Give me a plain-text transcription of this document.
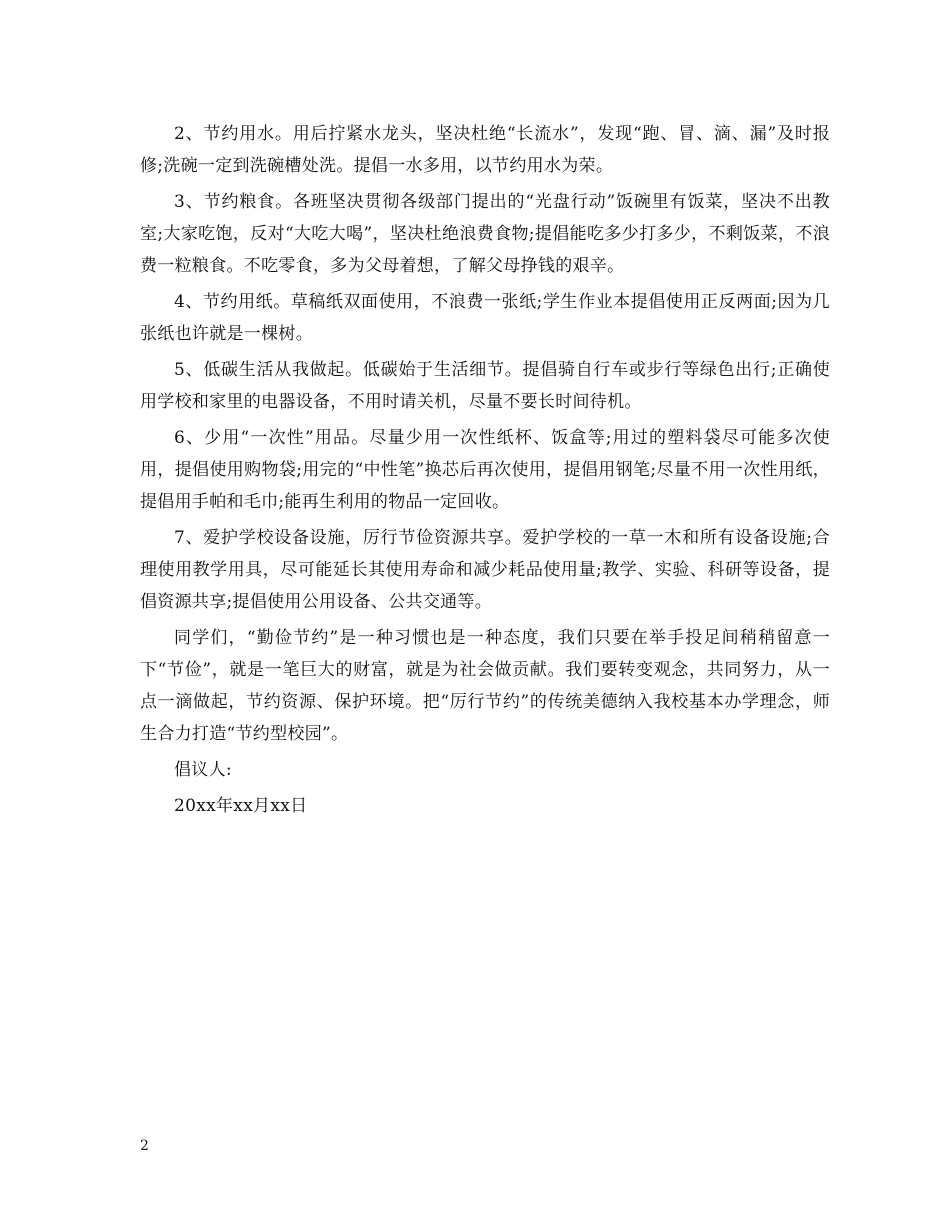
2、节约用水。用后拧紧水龙头，坚决杜绝“长流水”，发现“跑、冒、滴、漏”及时报修;洗碗一定到洗碗槽处洗。提倡一水多用，以节约用水为荣。

3、节约粮食。各班坚决贯彻各级部门提出的“光盘行动”饭碗里有饭菜，坚决不出教室;大家吃饱，反对“大吃大喝”，坚决杜绝浪费食物;提倡能吃多少打多少，不剩饭菜，不浪费一粒粮食。不吃零食，多为父母着想，了解父母挣钱的艰辛。

4、节约用纸。草稿纸双面使用，不浪费一张纸;学生作业本提倡使用正反两面;因为几张纸也许就是一棵树。

5、低碳生活从我做起。低碳始于生活细节。提倡骑自行车或步行等绿色出行;正确使用学校和家里的电器设备，不用时请关机，尽量不要长时间待机。

6、少用“一次性”用品。尽量少用一次性纸杯、饭盒等;用过的塑料袋尽可能多次使用，提倡使用购物袋;用完的“中性笔”换芯后再次使用，提倡用钢笔;尽量不用一次性用纸，提倡用手帕和毛巾;能再生利用的物品一定回收。

7、爱护学校设备设施，厉行节俭资源共享。爱护学校的一草一木和所有设备设施;合理使用教学用具，尽可能延长其使用寿命和减少耗品使用量;教学、实验、科研等设备，提倡资源共享;提倡使用公用设备、公共交通等。

同学们，“勤俭节约”是一种习惯也是一种态度，我们只要在举手投足间稍稍留意一下“节俭”，就是一笔巨大的财富，就是为社会做贡献。我们要转变观念，共同努力，从一点一滴做起，节约资源、保护环境。把“厉行节约”的传统美德纳入我校基本办学理念，师生合力打造“节约型校园”。

倡议人:

20xx年xx月xx日

2
